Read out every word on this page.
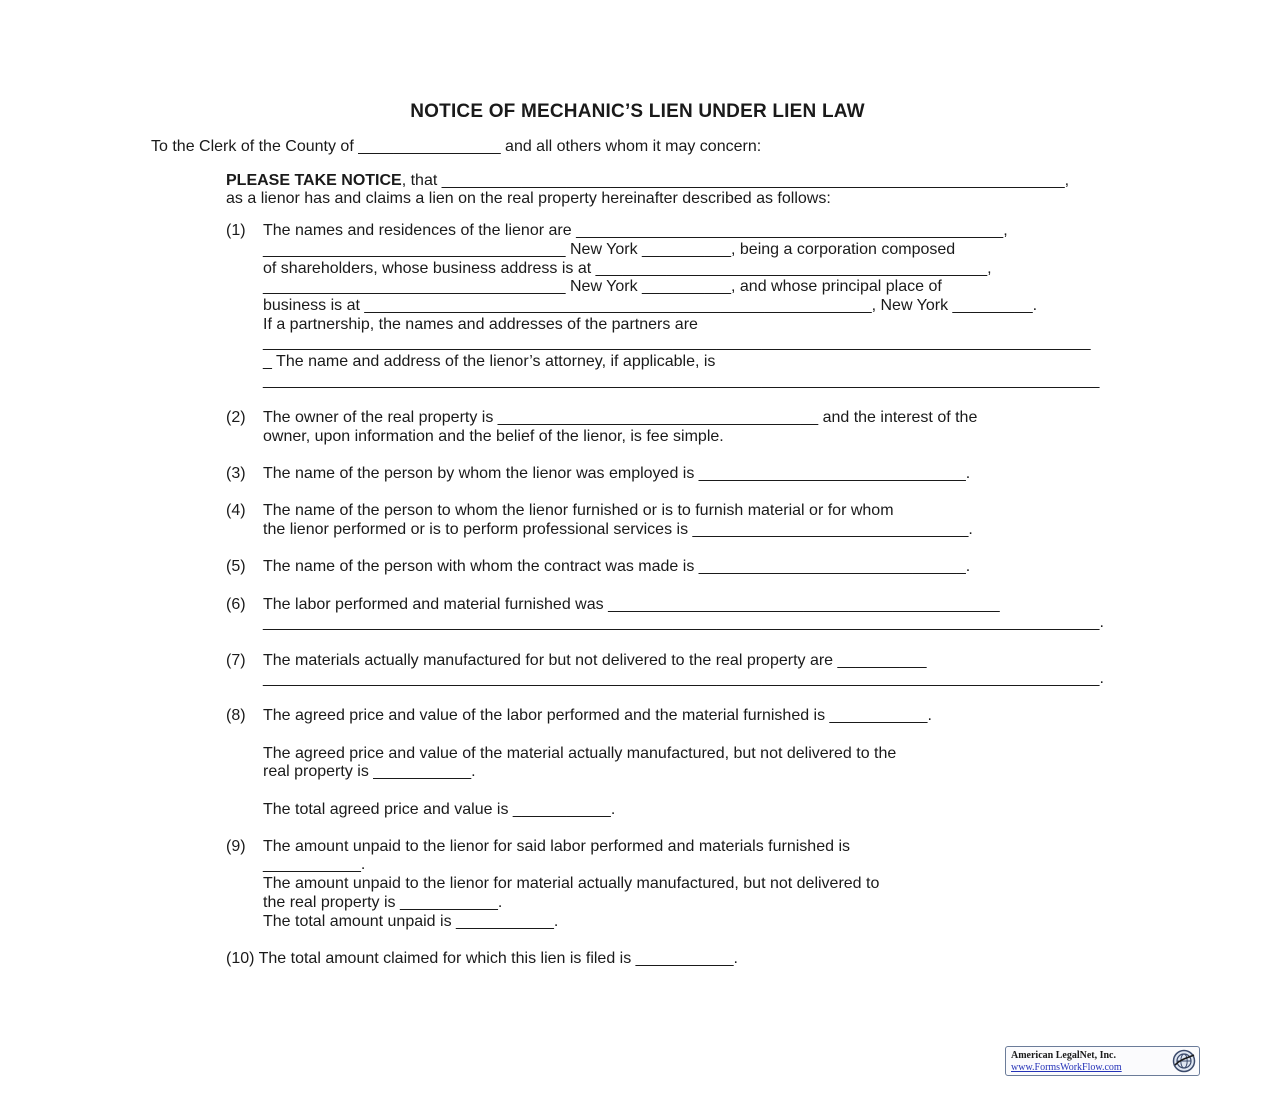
NOTICE OF MECHANIC’S LIEN UNDER LIEN LAW
To the Clerk of the County of ________________ and all others whom it may concern:
PLEASE TAKE NOTICE, that ______________________________________________________________________,
as a lienor has and claims a lien on the real property hereinafter described as follows:
(1) The names and residences of the lienor are ________________________________________________,
__________________________________ New York __________, being a corporation composed
of shareholders, whose business address is at ____________________________________________,
__________________________________ New York __________, and whose principal place of
business is at _________________________________________________________, New York _________.
If a partnership, the names and addresses of the partners are
_____________________________________________________________________________________________
_ The name and address of the lienor’s attorney, if applicable, is
______________________________________________________________________________________________
(2) The owner of the real property is ____________________________________ and the interest of the
owner, upon information and the belief of the lienor, is fee simple.
(3) The name of the person by whom the lienor was employed is ______________________________.
(4) The name of the person to whom the lienor furnished or is to furnish material or for whom
the lienor performed or is to perform professional services is _______________________________.
(5) The name of the person with whom the contract was made is ______________________________.
(6) The labor performed and material furnished was ____________________________________________
______________________________________________________________________________________________.
(7) The materials actually manufactured for but not delivered to the real property are __________
______________________________________________________________________________________________.
(8) The agreed price and value of the labor performed and the material furnished is ___________.
The agreed price and value of the material actually manufactured, but not delivered to the
real property is ___________.
The total agreed price and value is ___________.
(9) The amount unpaid to the lienor for said labor performed and materials furnished is
___________.
The amount unpaid to the lienor for material actually manufactured, but not delivered to
the real property is ___________.
The total amount unpaid is ___________.
(10) The total amount claimed for which this lien is filed is ___________.
American LegalNet, Inc.
www.FormsWorkFlow.com
